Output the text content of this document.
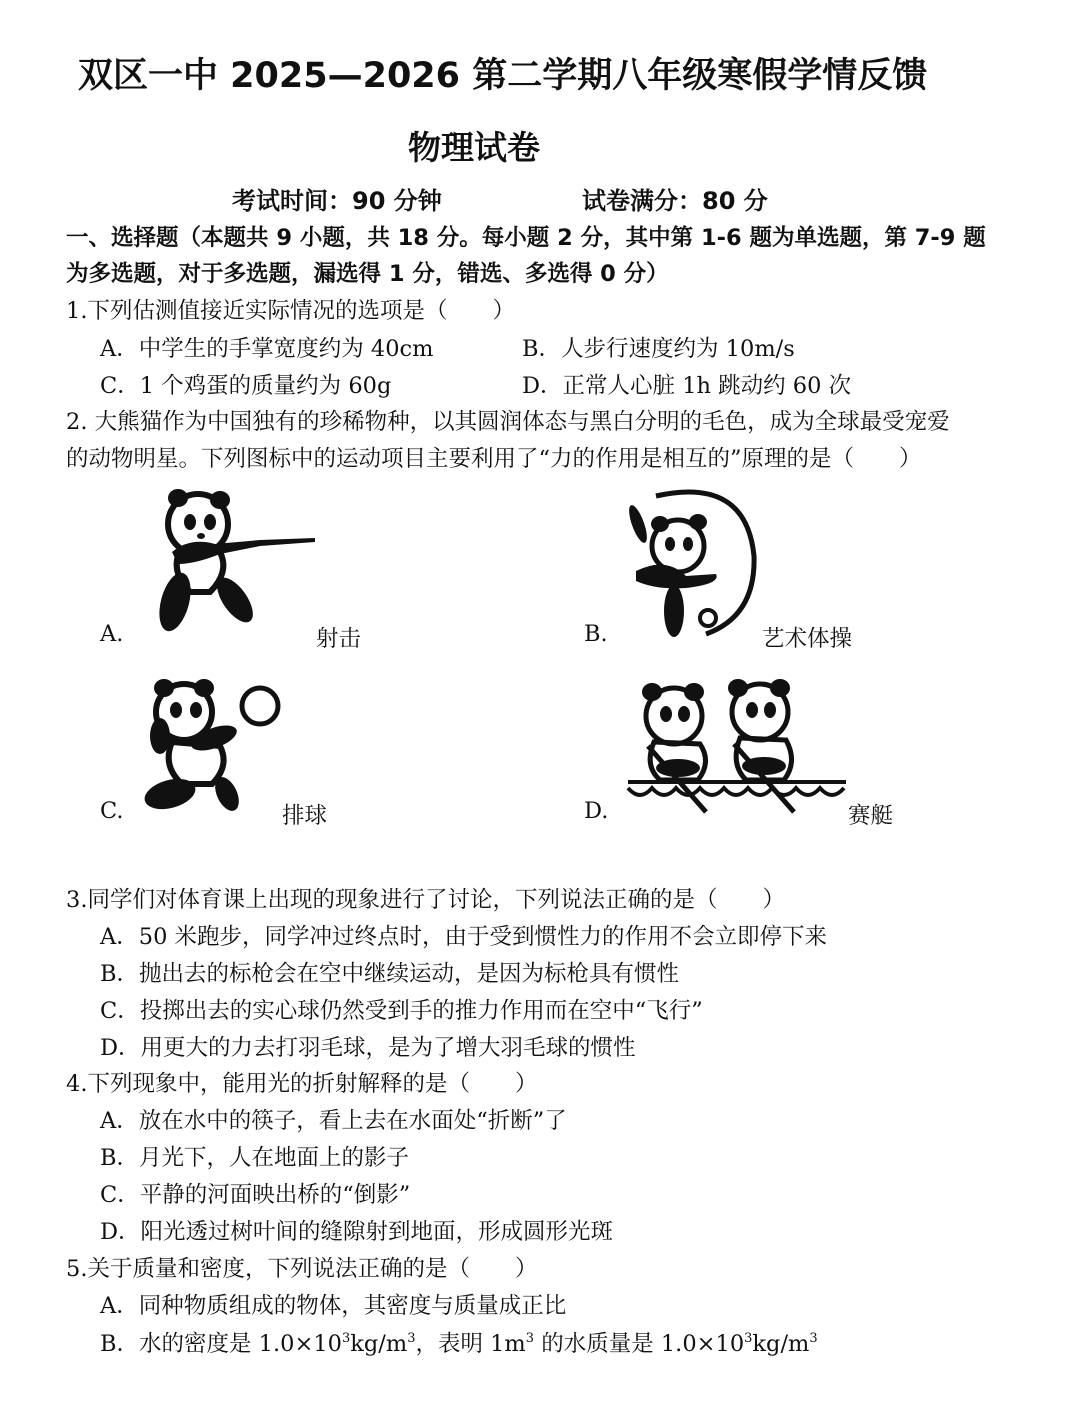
双区一中 2025—2026 第二学期八年级寒假学情反馈
物理试卷
考试时间：90 分钟	试卷满分：80 分
一、选择题（本题共 9 小题，共 18 分。每小题 2 分，其中第 1-6 题为单选题，第 7-9 题
为多选题，对于多选题，漏选得 1 分，错选、多选得 0 分）
1.下列估测值接近实际情况的选项是（　　）
A．中学生的手掌宽度约为 40cm	B．人步行速度约为 10m/s
C．1 个鸡蛋的质量约为 60g	D．正常人心脏 1h 跳动约 60 次
2. 大熊猫作为中国独有的珍稀物种，以其圆润体态与黑白分明的毛色，成为全球最受宠爱
的动物明星。下列图标中的运动项目主要利用了“力的作用是相互的”原理的是（　　）
A.	射击	B.	艺术体操
C.	排球	D.	赛艇
3.同学们对体育课上出现的现象进行了讨论，下列说法正确的是（　　）
A．50 米跑步，同学冲过终点时，由于受到惯性力的作用不会立即停下来
B．抛出去的标枪会在空中继续运动，是因为标枪具有惯性
C．投掷出去的实心球仍然受到手的推力作用而在空中“飞行”
D．用更大的力去打羽毛球，是为了增大羽毛球的惯性
4.下列现象中，能用光的折射解释的是（　　）
A．放在水中的筷子，看上去在水面处“折断”了
B．月光下，人在地面上的影子
C．平静的河面映出桥的“倒影”
D．阳光透过树叶间的缝隙射到地面，形成圆形光斑
5.关于质量和密度，下列说法正确的是（　　）
A．同种物质组成的物体，其密度与质量成正比
B．水的密度是 $1.0\times 10^3kg/m^3$，表明 $1m^3$ 的水质量是 $1.0\times 10^3kg/m^3$
